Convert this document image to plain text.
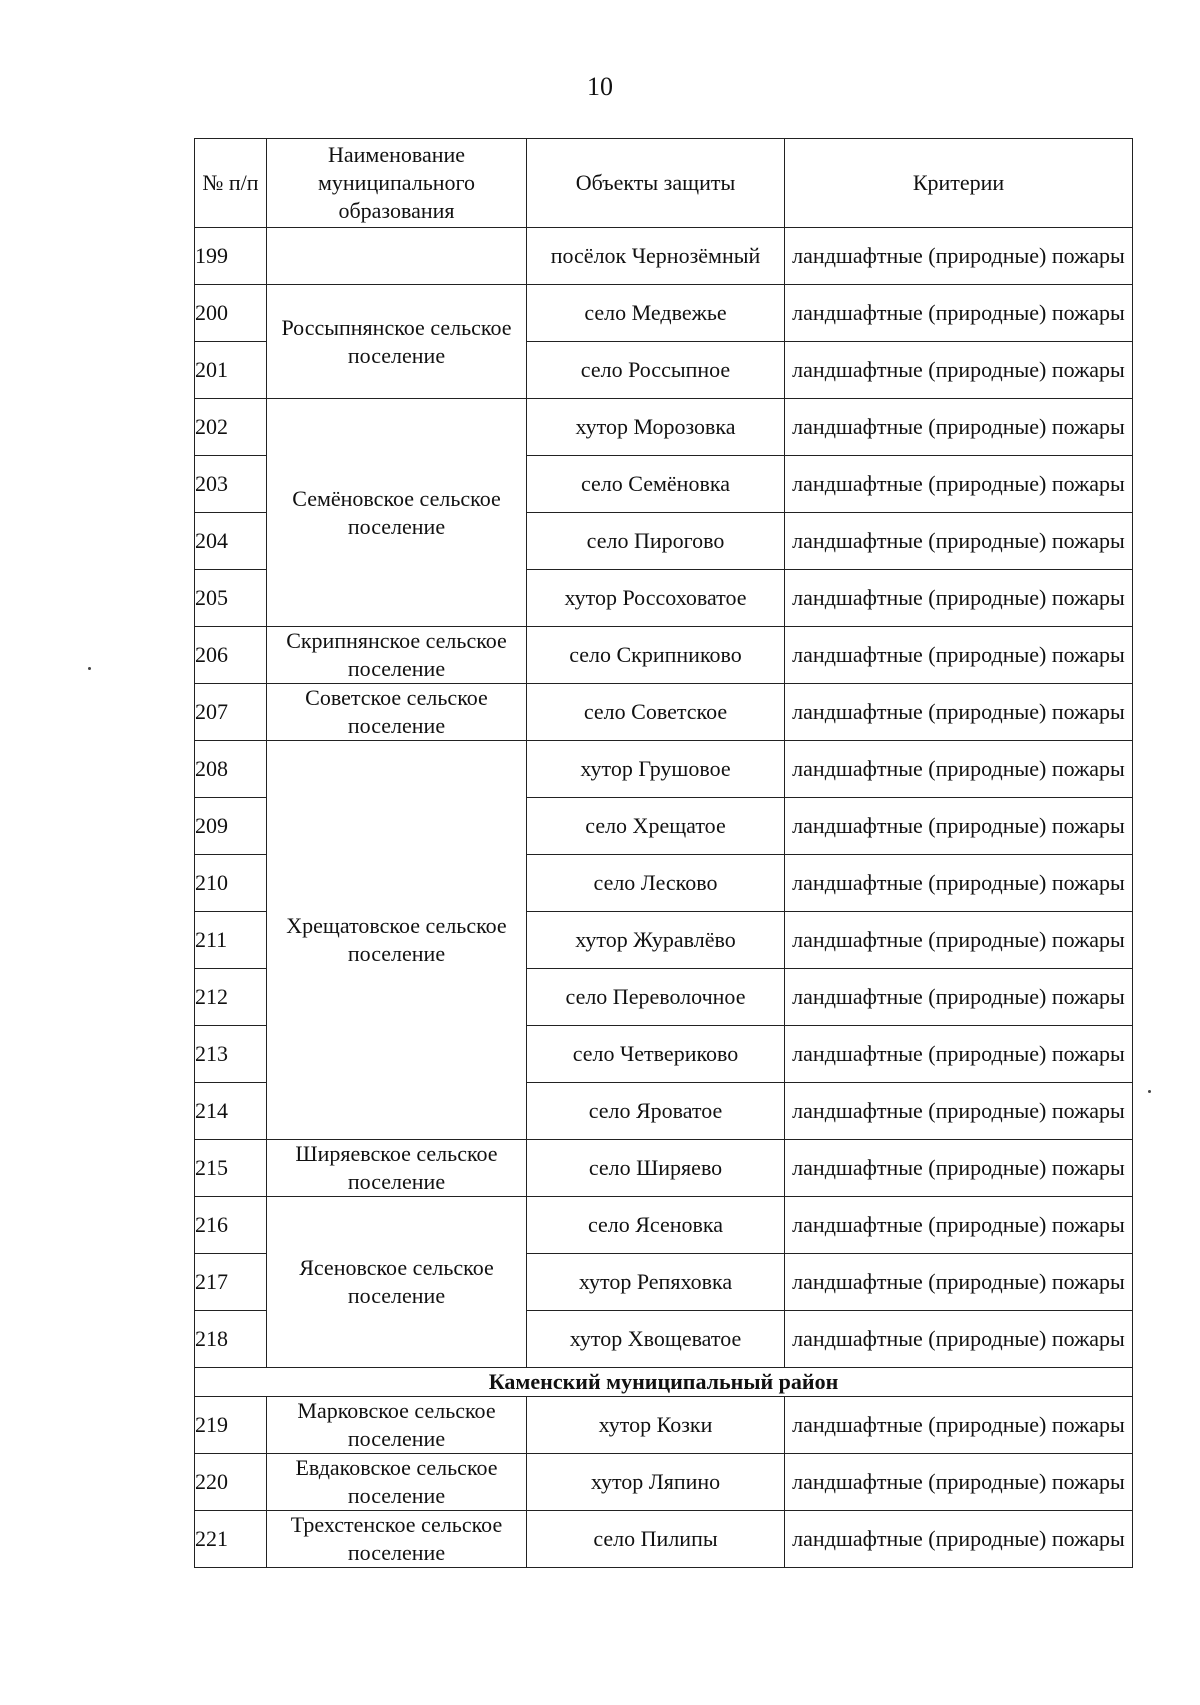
10
№ п/п	Наименование муниципального образования	Объекты защиты	Критерии
199		посёлок Чернозёмный	ландшафтные (природные) пожары
200	Россыпнянское сельское поселение	село Медвежье	ландшафтные (природные) пожары
201		село Россыпное	ландшафтные (природные) пожары
202	Семёновское сельское поселение	хутор Морозовка	ландшафтные (природные) пожары
203		село Семёновка	ландшафтные (природные) пожары
204		село Пирогово	ландшафтные (природные) пожары
205		хутор Россоховатое	ландшафтные (природные) пожары
206	Скрипнянское сельское поселение	село Скрипниково	ландшафтные (природные) пожары
207	Советское сельское поселение	село Советское	ландшафтные (природные) пожары
208	Хрещатовское сельское поселение	хутор Грушовое	ландшафтные (природные) пожары
209		село Хрещатое	ландшафтные (природные) пожары
210		село Лесково	ландшафтные (природные) пожары
211		хутор Журавлёво	ландшафтные (природные) пожары
212		село Переволочное	ландшафтные (природные) пожары
213		село Четвериково	ландшафтные (природные) пожары
214		село Яроватое	ландшафтные (природные) пожары
215	Ширяевское сельское поселение	село Ширяево	ландшафтные (природные) пожары
216	Ясеновское сельское поселение	село Ясеновка	ландшафтные (природные) пожары
217		хутор Репяховка	ландшафтные (природные) пожары
218		хутор Хвощеватое	ландшафтные (природные) пожары
Каменский муниципальный район			
219	Марковское сельское поселение	хутор Козки	ландшафтные (природные) пожары
220	Евдаковское сельское поселение	хутор Ляпино	ландшафтные (природные) пожары
221	Трехстенское сельское поселение	село Пилипы	ландшафтные (природные) пожары
